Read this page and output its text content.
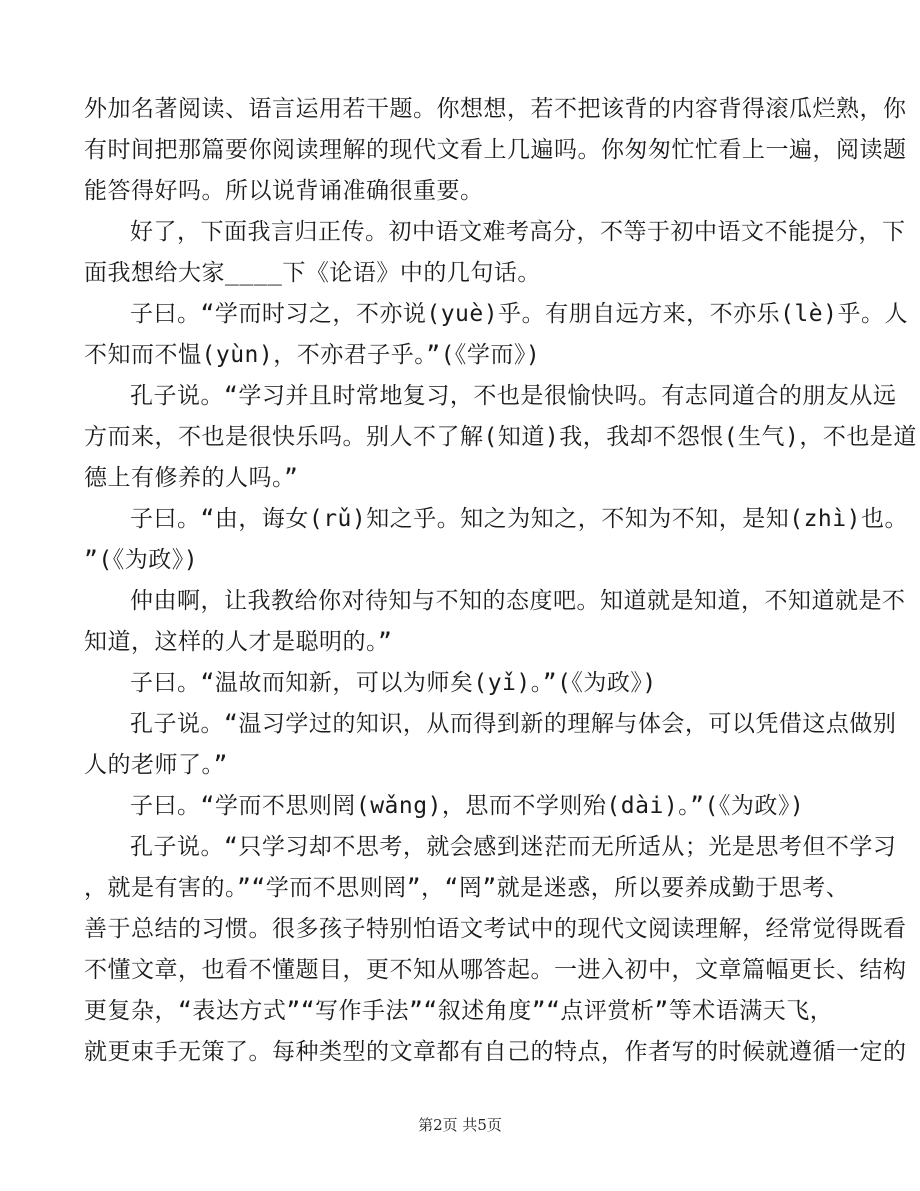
外加名著阅读、语言运用若干题。你想想，若不把该背的内容背得滚瓜烂熟，你
有时间把那篇要你阅读理解的现代文看上几遍吗。你匆匆忙忙看上一遍，阅读题
能答得好吗。所以说背诵准确很重要。
好了，下面我言归正传。初中语文难考高分，不等于初中语文不能提分，下
面我想给大家____下《论语》中的几句话。
子曰。“学而时习之，不亦说(yuè)乎。有朋自远方来，不亦乐(lè)乎。人
不知而不愠(yùn)，不亦君子乎。”(《学而》)
孔子说。“学习并且时常地复习，不也是很愉快吗。有志同道合的朋友从远
方而来，不也是很快乐吗。别人不了解(知道)我，我却不怨恨(生气)，不也是道
德上有修养的人吗。”
子曰。“由，诲女(rǔ)知之乎。知之为知之，不知为不知，是知(zhì)也。
”(《为政》)
仲由啊，让我教给你对待知与不知的态度吧。知道就是知道，不知道就是不
知道，这样的人才是聪明的。”
子曰。“温故而知新，可以为师矣(yǐ)。”(《为政》)
孔子说。“温习学过的知识，从而得到新的理解与体会，可以凭借这点做别
人的老师了。”
子曰。“学而不思则罔(wǎng)，思而不学则殆(dài)。”(《为政》)
孔子说。“只学习却不思考，就会感到迷茫而无所适从；光是思考但不学习
，就是有害的。”“学而不思则罔”，“罔”就是迷惑，所以要养成勤于思考、
善于总结的习惯。很多孩子特别怕语文考试中的现代文阅读理解，经常觉得既看
不懂文章，也看不懂题目，更不知从哪答起。一进入初中，文章篇幅更长、结构
更复杂，“表达方式”“写作手法”“叙述角度”“点评赏析”等术语满天飞，
就更束手无策了。每种类型的文章都有自己的特点，作者写的时候就遵循一定的
第2页 共5页
